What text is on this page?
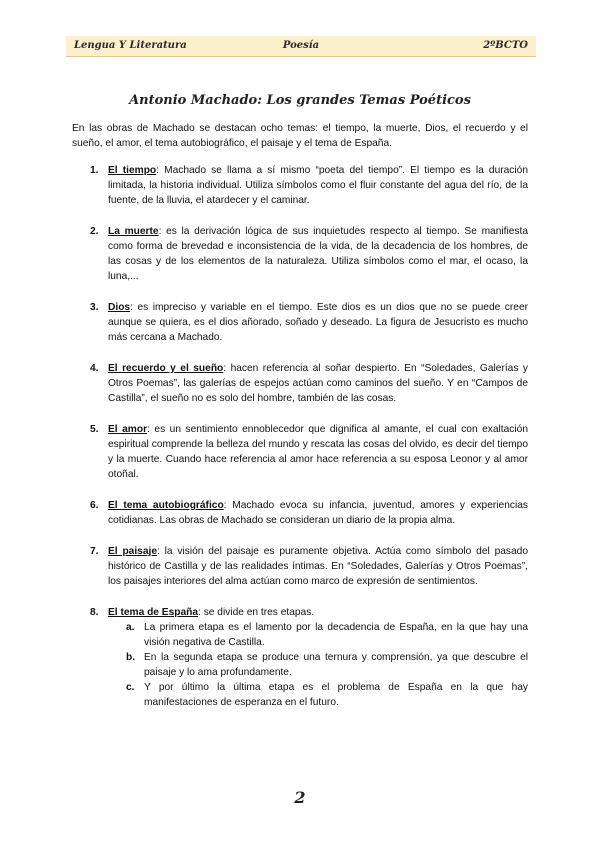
Lengua Y Literatura	Poesía	2ºBCTO
Antonio Machado: Los grandes Temas Poéticos

En las obras de Machado se destacan ocho temas: el tiempo, la muerte, Dios, el recuerdo y el sueño, el amor, el tema autobiográfico, el paisaje y el tema de España.

1. El tiempo: Machado se llama a sí mismo “poeta del tiempo”. El tiempo es la duración limitada, la historia individual. Utiliza símbolos como el fluir constante del agua del río, de la fuente, de la lluvia, el atardecer y el caminar.
2. La muerte: es la derivación lógica de sus inquietudes respecto al tiempo. Se manifiesta como forma de brevedad e inconsistencia de la vida, de la decadencia de los hombres, de las cosas y de los elementos de la naturaleza. Utiliza símbolos como el mar, el ocaso, la luna,...
3. Dios: es impreciso y variable en el tiempo. Este dios es un dios que no se puede creer aunque se quiera, es el dios añorado, soñado y deseado. La figura de Jesucristo es mucho más cercana a Machado.
4. El recuerdo y el sueño: hacen referencia al soñar despierto. En “Soledades, Galerías y Otros Poemas”, las galerías de espejos actúan como caminos del sueño. Y en “Campos de Castilla”, el sueño no es solo del hombre, también de las cosas.
5. El amor: es un sentimiento ennoblecedor que dignifica al amante, el cual con exaltación espiritual comprende la belleza del mundo y rescata las cosas del olvido, es decir del tiempo y la muerte. Cuando hace referencia al amor hace referencia a su esposa Leonor y al amor otoñal.
6. El tema autobiográfico: Machado evoca su infancia, juventud, amores y experiencias cotidianas. Las obras de Machado se consideran un diario de la propia alma.
7. El paisaje: la visión del paisaje es puramente objetiva. Actúa como símbolo del pasado histórico de Castilla y de las realidades íntimas. En “Soledades, Galerías y Otros Poemas”, los paisajes interiores del alma actúan como marco de expresión de sentimientos.
8. El tema de España: se divide en tres etapas.
a. La primera etapa es el lamento por la decadencia de España, en la que hay una visión negativa de Castilla.
b. En la segunda etapa se produce una ternura y comprensión, ya que descubre el paisaje y lo ama profundamente.
c. Y por último la última etapa es el problema de España en la que hay manifestaciones de esperanza en el futuro.
2
